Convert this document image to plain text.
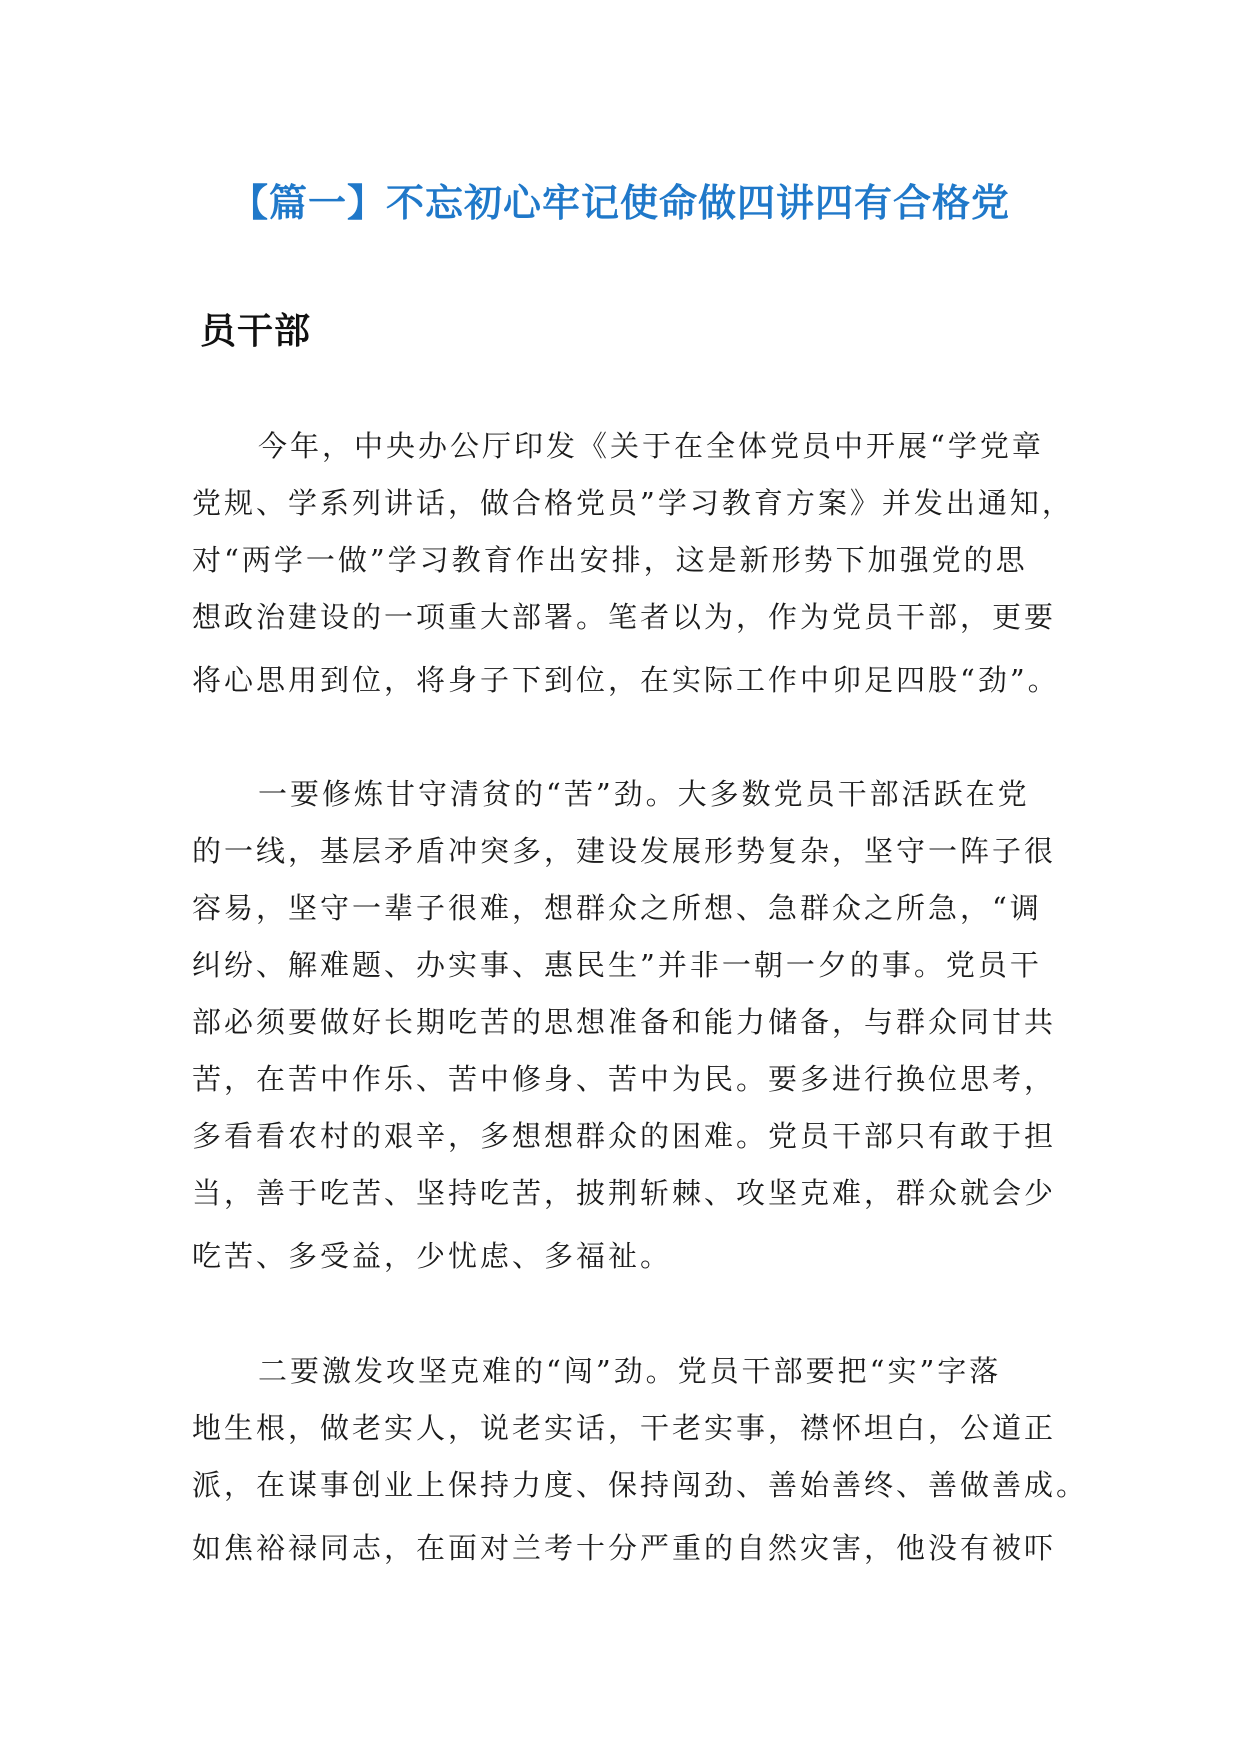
【篇一】不忘初心牢记使命做四讲四有合格党
员干部
今年，中央办公厅印发《关于在全体党员中开展“学党章
党规、学系列讲话，做合格党员”学习教育方案》并发出通知，
对“两学一做”学习教育作出安排，这是新形势下加强党的思
想政治建设的一项重大部署。笔者以为，作为党员干部，更要
将心思用到位，将身子下到位，在实际工作中卯足四股“劲”。
一要修炼甘守清贫的“苦”劲。大多数党员干部活跃在党
的一线，基层矛盾冲突多，建设发展形势复杂，坚守一阵子很
容易，坚守一辈子很难，想群众之所想、急群众之所急，“调
纠纷、解难题、办实事、惠民生”并非一朝一夕的事。党员干
部必须要做好长期吃苦的思想准备和能力储备，与群众同甘共
苦，在苦中作乐、苦中修身、苦中为民。要多进行换位思考，
多看看农村的艰辛，多想想群众的困难。党员干部只有敢于担
当，善于吃苦、坚持吃苦，披荆斩棘、攻坚克难，群众就会少
吃苦、多受益，少忧虑、多福祉。
二要激发攻坚克难的“闯”劲。党员干部要把“实”字落
地生根，做老实人，说老实话，干老实事，襟怀坦白，公道正
派，在谋事创业上保持力度、保持闯劲、善始善终、善做善成。
如焦裕禄同志，在面对兰考十分严重的自然灾害，他没有被吓
